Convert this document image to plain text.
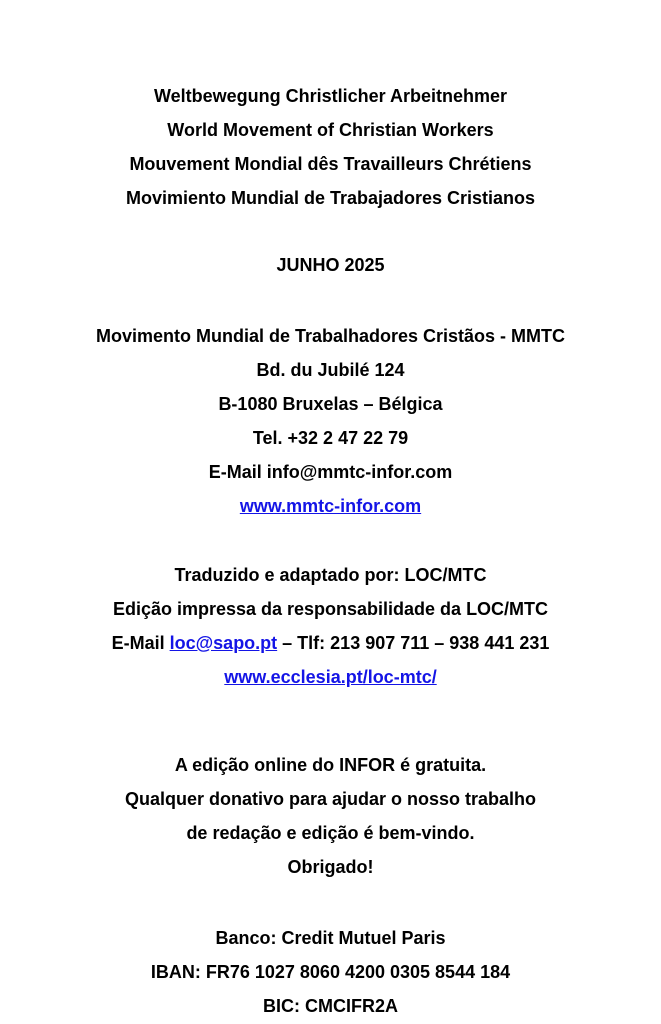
Weltbewegung Christlicher Arbeitnehmer
World Movement of Christian Workers
Mouvement Mondial dês Travailleurs Chrétiens
Movimiento Mundial de Trabajadores Cristianos
JUNHO 2025
Movimento Mundial de Trabalhadores Cristãos - MMTC
Bd. du Jubilé 124
B-1080 Bruxelas – Bélgica
Tel. +32 2 47 22 79
E-Mail info@mmtc-infor.com
www.mmtc-infor.com
Traduzido e adaptado por: LOC/MTC
Edição impressa da responsabilidade da LOC/MTC
E-Mail loc@sapo.pt – Tlf: 213 907 711 – 938 441 231
www.ecclesia.pt/loc-mtc/
A edição online do INFOR é gratuita.
Qualquer donativo para ajudar o nosso trabalho
de redação e edição é bem-vindo.
Obrigado!
Banco: Credit Mutuel Paris
IBAN: FR76 1027 8060 4200 0305 8544 184
BIC: CMCIFR2A
